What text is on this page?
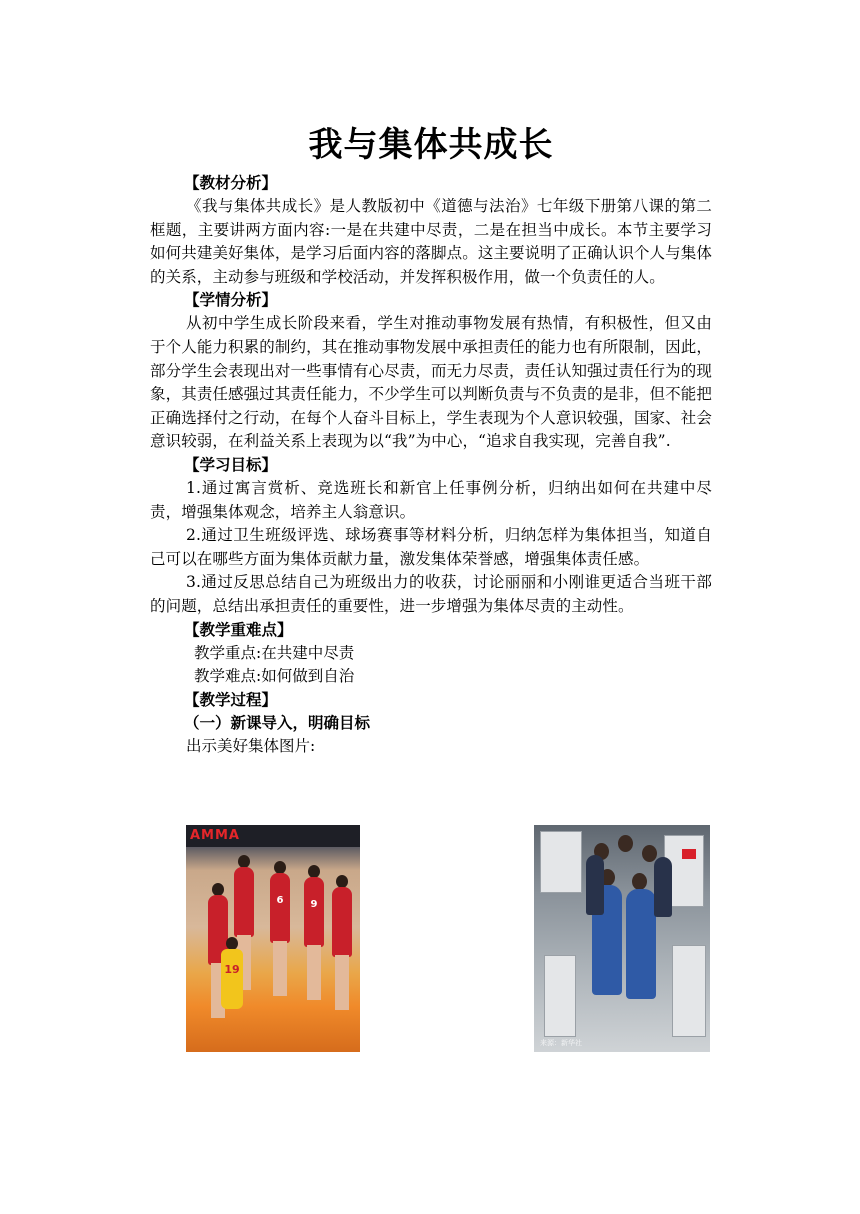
我与集体共成长

【教材分析】

《我与集体共成长》是人教版初中《道德与法治》七年级下册第八课的第二框题，主要讲两方面内容:一是在共建中尽责，二是在担当中成长。本节主要学习如何共建美好集体，是学习后面内容的落脚点。这主要说明了正确认识个人与集体的关系，主动参与班级和学校活动，并发挥积极作用，做一个负责任的人。

【学情分析】

从初中学生成长阶段来看，学生对推动事物发展有热情，有积极性，但又由于个人能力积累的制约，其在推动事物发展中承担责任的能力也有所限制，因此，部分学生会表现出对一些事情有心尽责，而无力尽责，责任认知强过责任行为的现象，其责任感强过其责任能力，不少学生可以判断负责与不负责的是非，但不能把正确选择付之行动，在每个人奋斗目标上，学生表现为个人意识较强，国家、社会意识较弱，在利益关系上表现为以“我”为中心，“追求自我实现，完善自我”.

【学习目标】

1.通过寓言赏析、竞选班长和新官上任事例分析，归纳出如何在共建中尽责，增强集体观念，培养主人翁意识。

2.通过卫生班级评选、球场赛事等材料分析，归纳怎样为集体担当，知道自己可以在哪些方面为集体贡献力量，激发集体荣誉感，增强集体责任感。

3.通过反思总结自己为班级出力的收获，讨论丽丽和小刚谁更适合当班干部的问题，总结出承担责任的重要性，进一步增强为集体尽责的主动性。

【教学重难点】

教学重点:在共建中尽责

教学难点:如何做到自治

【教学过程】

（一）新课导入，明确目标

出示美好集体图片:

AMMA
6	9
19
来源：新华社
